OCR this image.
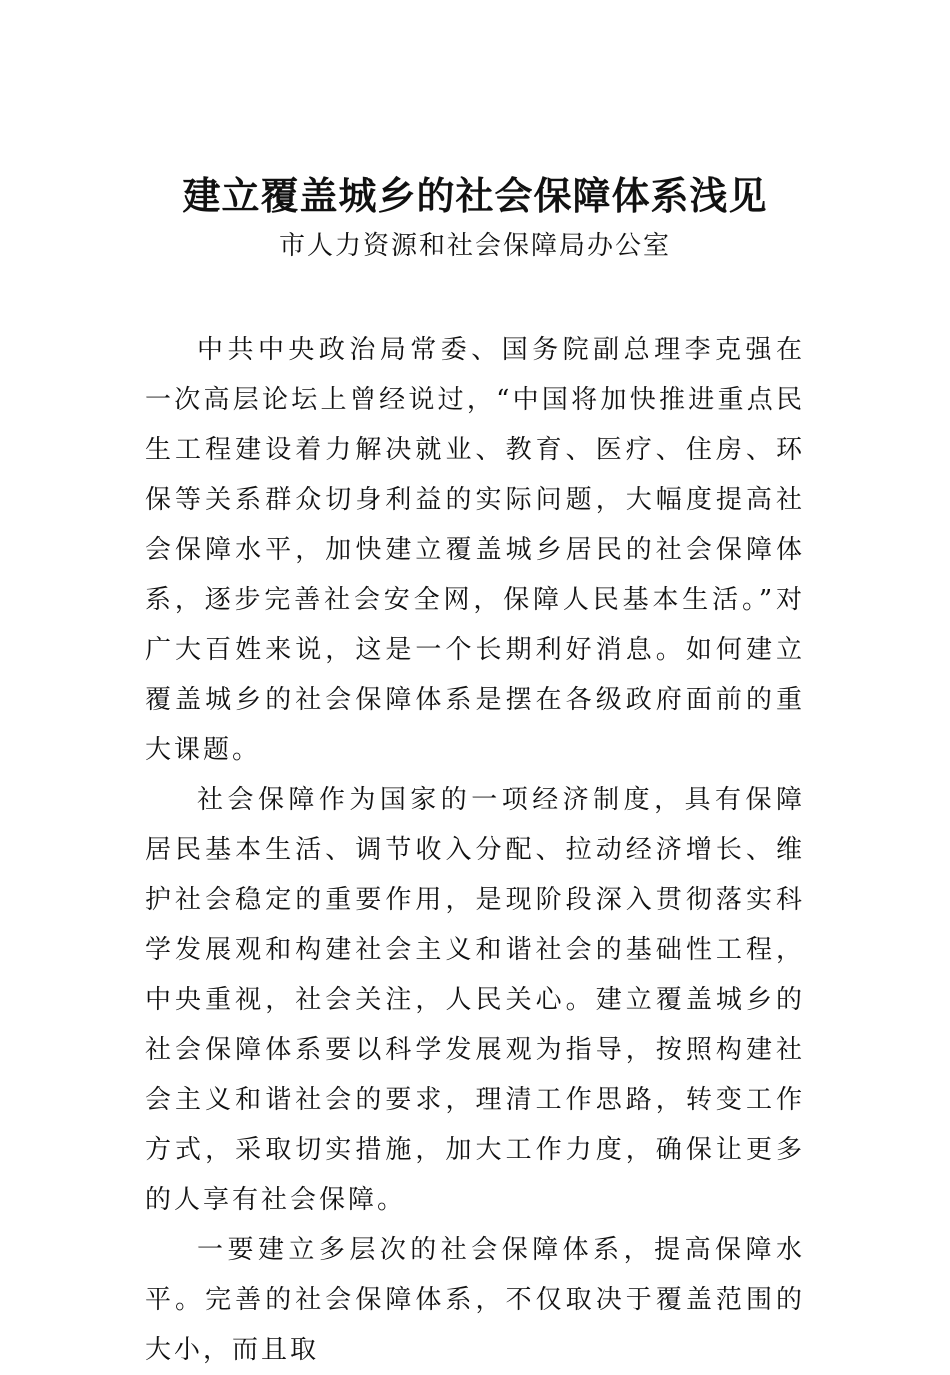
建立覆盖城乡的社会保障体系浅见
市人力资源和社会保障局办公室

中共中央政治局常委、国务院副总理李克强在一次高层论坛上曾经说过，“中国将加快推进重点民生工程建设着力解决就业、教育、医疗、住房、环保等关系群众切身利益的实际问题，大幅度提高社会保障水平，加快建立覆盖城乡居民的社会保障体系，逐步完善社会安全网，保障人民基本生活。”对广大百姓来说，这是一个长期利好消息。如何建立覆盖城乡的社会保障体系是摆在各级政府面前的重大课题。

社会保障作为国家的一项经济制度，具有保障居民基本生活、调节收入分配、拉动经济增长、维护社会稳定的重要作用，是现阶段深入贯彻落实科学发展观和构建社会主义和谐社会的基础性工程，中央重视，社会关注，人民关心。建立覆盖城乡的社会保障体系要以科学发展观为指导，按照构建社会主义和谐社会的要求，理清工作思路，转变工作方式，采取切实措施，加大工作力度，确保让更多的人享有社会保障。

一要建立多层次的社会保障体系，提高保障水平。完善的社会保障体系，不仅取决于覆盖范围的大小，而且取
